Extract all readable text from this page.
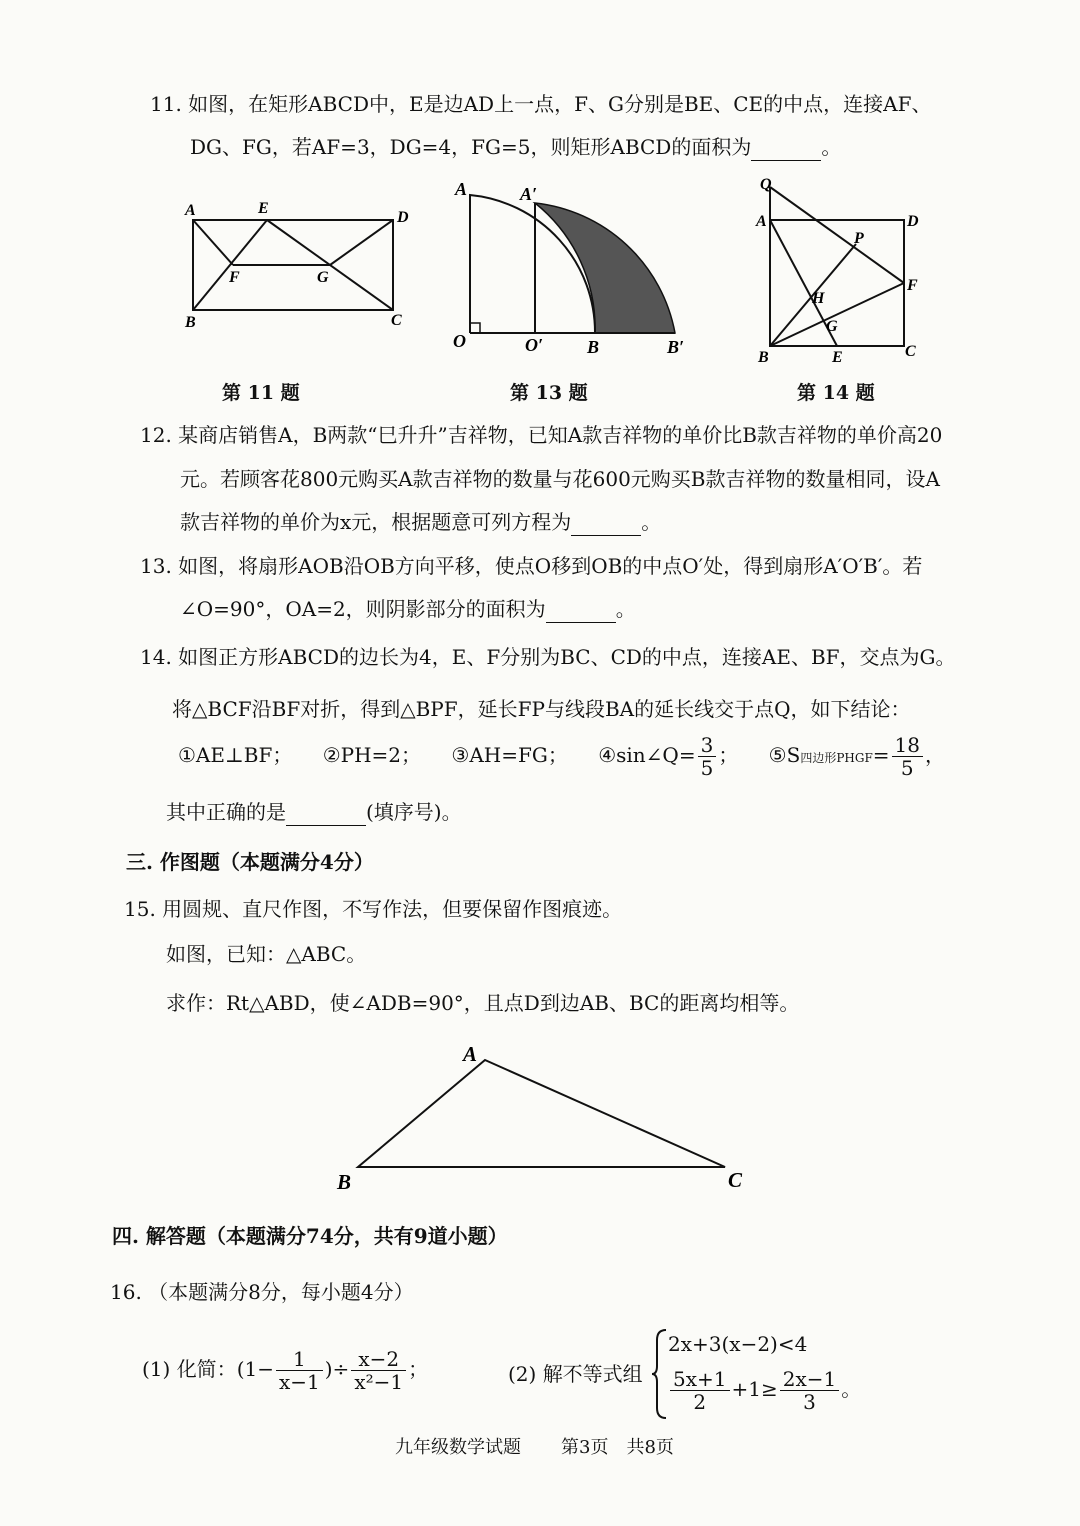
11. 如图，在矩形ABCD中，E是边AD上一点，F、G分别是BE、CE的中点，连接AF、
DG、FG，若AF=3，DG=4，FG=5，则矩形ABCD的面积为	。
A	E
D
F	G
B	C
第 11 题
A	A′
O	O′ B	B′
第 13 题
Q
A	D
P
F
H
G
B	E	C
第 14 题
12. 某商店销售A，B两款“巳升升”吉祥物，已知A款吉祥物的单价比B款吉祥物的单价高20
元。若顾客花800元购买A款吉祥物的数量与花600元购买B款吉祥物的数量相同，设A
款吉祥物的单价为x元，根据题意可列方程为	。
13. 如图，将扇形AOB沿OB方向平移，使点O移到OB的中点O′处，得到扇形A′O′B′。若
∠O=90°，OA=2，则阴影部分的面积为	。
14. 如图正方形ABCD的边长为4，E、F分别为BC、CD的中点，连接AE、BF，交点为G。
将△BCF沿BF对折，得到△BPF，延长FP与线段BA的延长线交于点Q，如下结论：
①AE⊥BF； ②PH=2； ③AH=FG； ④sin∠Q= $\frac{3}{5}$ ； ⑤S四边形PHGF= $\frac{18}{5}$ ，
其中正确的是	(填序号)。
三. 作图题（本题满分4分）
15. 用圆规、直尺作图，不写作法，但要保留作图痕迹。
如图，已知：△ABC。
求作：Rt△ABD，使∠ADB=90°，且点D到边AB、BC的距离均相等。
A
B	C
四. 解答题（本题满分74分，共有9道小题）
16. （本题满分8分，每小题4分）
(1) 化简：($1- \frac{1}{x-1}$ )÷ $\frac{x-2}{\text{x²−1}}$ ；	(2) 解不等式组
2x+3(x−2)<4
$\frac{5x+1}{2} +1\ge \frac{2x-1}{3}$ 。
九年级数学试题 第3页 共8页
